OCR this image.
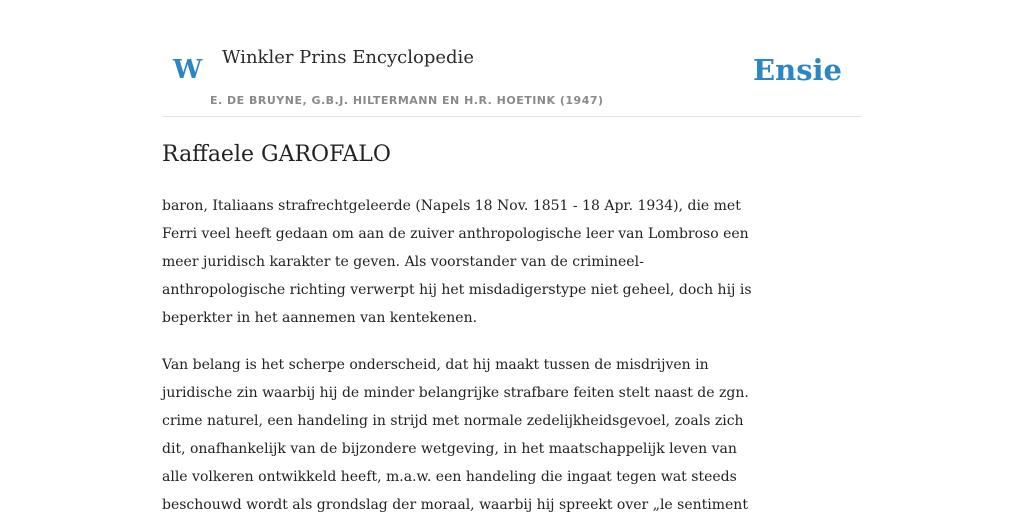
W Winkler Prins Encyclopedie
E. DE BRUYNE, G.B.J. HILTERMANN EN H.R. HOETINK (1947)
Ensie
Raffaele GAROFALO

baron, Italiaans strafrechtgeleerde (Napels 18 Nov. 1851 - 18 Apr. 1934), die met
Ferri veel heeft gedaan om aan de zuiver anthropologische leer van Lombroso een
meer juridisch karakter te geven. Als voorstander van de crimineel-
anthropologische richting verwerpt hij het misdadigerstype niet geheel, doch hij is
beperkter in het aannemen van kentekenen.

Van belang is het scherpe onderscheid, dat hij maakt tussen de misdrijven in
juridische zin waarbij hij de minder belangrijke strafbare feiten stelt naast de zgn.
crime naturel, een handeling in strijd met normale zedelijkheidsgevoel, zoals zich
dit, onafhankelijk van de bijzondere wetgeving, in het maatschappelijk leven van
alle volkeren ontwikkeld heeft, m.a.w. een handeling die ingaat tegen wat steeds
beschouwd wordt als grondslag der moraal, waarbij hij spreekt over „le sentiment
